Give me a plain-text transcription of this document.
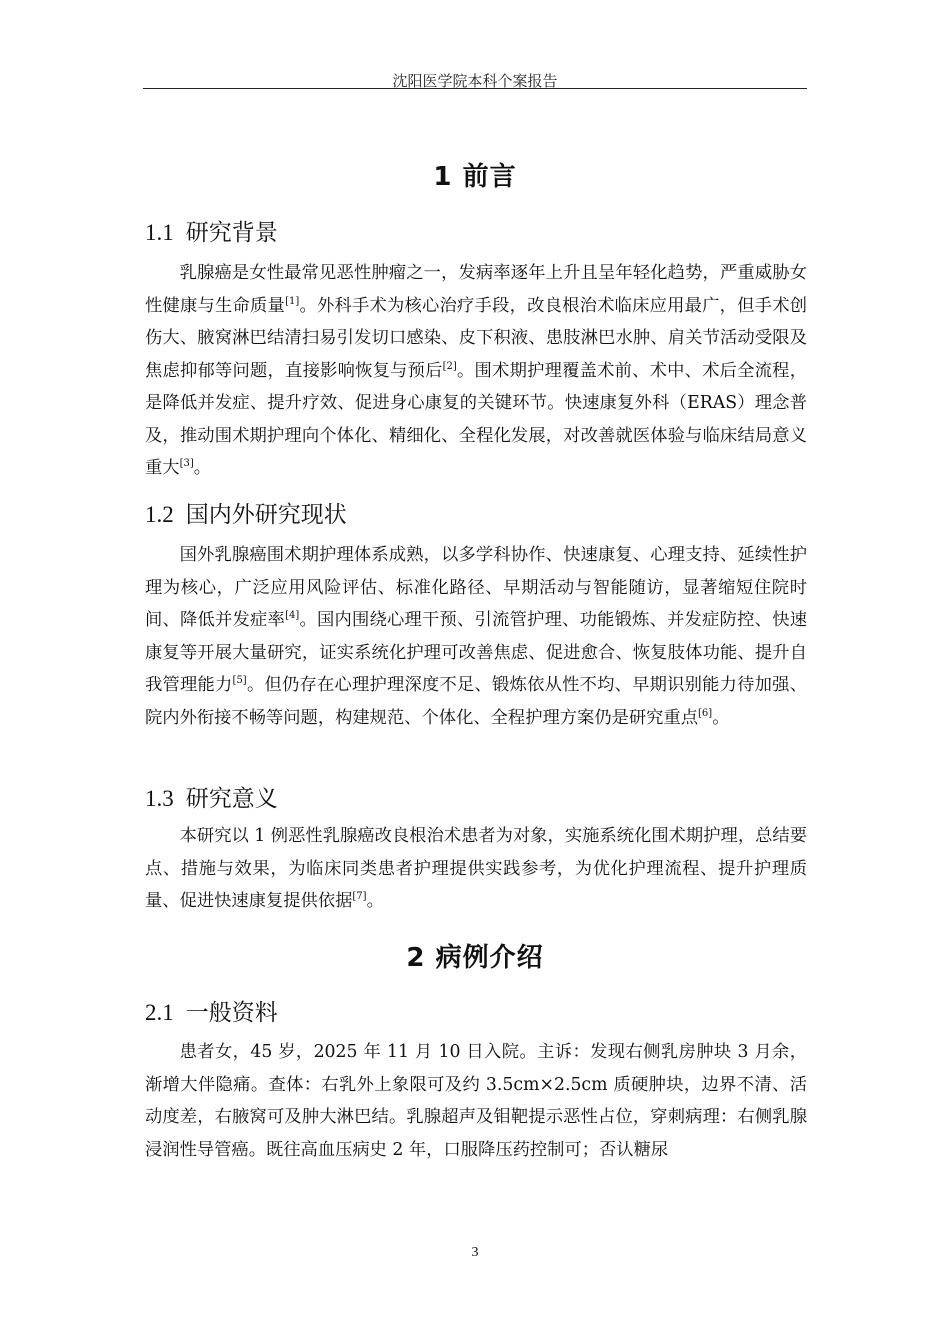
沈阳医学院本科个案报告
1 前言
1.1 研究背景

乳腺癌是女性最常见恶性肿瘤之一，发病率逐年上升且呈年轻化趋势，严重威胁女性健康与生命质量[1]。外科手术为核心治疗手段，改良根治术临床应用最广，但手术创伤大、腋窝淋巴结清扫易引发切口感染、皮下积液、患肢淋巴水肿、肩关节活动受限及焦虑抑郁等问题，直接影响恢复与预后[2]。围术期护理覆盖术前、术中、术后全流程，是降低并发症、提升疗效、促进身心康复的关键环节。快速康复外科（ERAS）理念普及，推动围术期护理向个体化、精细化、全程化发展，对改善就医体验与临床结局意义重大[3]。

1.2 国内外研究现状

国外乳腺癌围术期护理体系成熟，以多学科协作、快速康复、心理支持、延续性护理为核心，广泛应用风险评估、标准化路径、早期活动与智能随访，显著缩短住院时间、降低并发症率[4]。国内围绕心理干预、引流管护理、功能锻炼、并发症防控、快速康复等开展大量研究，证实系统化护理可改善焦虑、促进愈合、恢复肢体功能、提升自我管理能力[5]。但仍存在心理护理深度不足、锻炼依从性不均、早期识别能力待加强、院内外衔接不畅等问题，构建规范、个体化、全程护理方案仍是研究重点[6]。

1.3 研究意义

本研究以 1 例恶性乳腺癌改良根治术患者为对象，实施系统化围术期护理，总结要点、措施与效果，为临床同类患者护理提供实践参考，为优化护理流程、提升护理质量、促进快速康复提供依据[7]。

2 病例介绍
2.1 一般资料

患者女，45 岁，2025 年 11 月 10 日入院。主诉：发现右侧乳房肿块 3 月余，渐增大伴隐痛。查体：右乳外上象限可及约 3.5cm×2.5cm 质硬肿块，边界不清、活动度差，右腋窝可及肿大淋巴结。乳腺超声及钼靶提示恶性占位，穿刺病理：右侧乳腺浸润性导管癌。既往高血压病史 2 年，口服降压药控制可；否认糖尿

3
